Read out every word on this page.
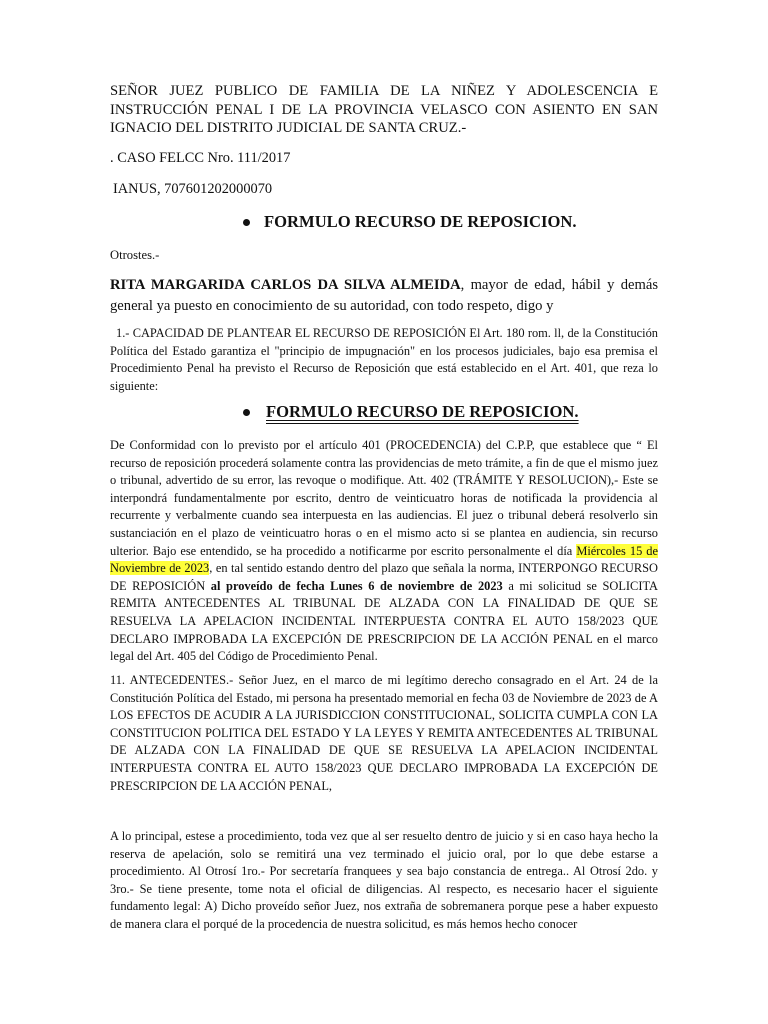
SEÑOR JUEZ PUBLICO DE FAMILIA DE LA NIÑEZ Y ADOLESCENCIA E INSTRUCCIÓN PENAL I DE LA PROVINCIA VELASCO CON ASIENTO EN SAN IGNACIO DEL DISTRITO JUDICIAL DE SANTA CRUZ.-

. CASO FELCC Nro. 111/2017

IANUS, 707601202000070

FORMULO RECURSO DE REPOSICION.

Otrostes.-

RITA MARGARIDA CARLOS DA SILVA ALMEIDA, mayor de edad, hábil y demás general ya puesto en conocimiento de su autoridad, con todo respeto, digo y

1.- CAPACIDAD DE PLANTEAR EL RECURSO DE REPOSICIÓN El Art. 180 rom. ll, de la Constitución Política del Estado garantiza el "principio de impugnación" en los procesos judiciales, bajo esa premisa el Procedimiento Penal ha previsto el Recurso de Reposición que está establecido en el Art. 401, que reza lo siguiente:

FORMULO RECURSO DE REPOSICION.

De Conformidad con lo previsto por el artículo 401 (PROCEDENCIA) del C.P.P, que establece que “ El recurso de reposición procederá solamente contra las providencias de meto trámite, a fin de que el mismo juez o tribunal, advertido de su error, las revoque o modifique. Att. 402 (TRÁMITE Y RESOLUCION),- Este se interpondrá fundamentalmente por escrito, dentro de veinticuatro horas de notificada la providencia al recurrente y verbalmente cuando sea interpuesta en las audiencias. El juez o tribunal deberá resolverlo sin sustanciación en el plazo de veinticuatro horas o en el mismo acto si se plantea en audiencia, sin recurso ulterior. Bajo ese entendido, se ha procedido a notificarme por escrito personalmente el día Miércoles 15 de Noviembre de 2023, en tal sentido estando dentro del plazo que señala la norma, INTERPONGO RECURSO DE REPOSICIÓN al proveído de fecha Lunes 6 de noviembre de 2023 a mi solicitud se SOLICITA REMITA ANTECEDENTES AL TRIBUNAL DE ALZADA CON LA FINALIDAD DE QUE SE RESUELVA LA APELACION INCIDENTAL INTERPUESTA CONTRA EL AUTO 158/2023 QUE DECLARO IMPROBADA LA EXCEPCIÓN DE PRESCRIPCION DE LA ACCIÓN PENAL en el marco legal del Art. 405 del Código de Procedimiento Penal.

11. ANTECEDENTES.- Señor Juez, en el marco de mi legítimo derecho consagrado en el Art. 24 de la Constitución Política del Estado, mi persona ha presentado memorial en fecha 03 de Noviembre de 2023 de A LOS EFECTOS DE ACUDIR A LA JURISDICCION CONSTITUCIONAL, SOLICITA CUMPLA CON LA CONSTITUCION POLITICA DEL ESTADO Y LA LEYES Y REMITA ANTECEDENTES AL TRIBUNAL DE ALZADA CON LA FINALIDAD DE QUE SE RESUELVA LA APELACION INCIDENTAL INTERPUESTA CONTRA EL AUTO 158/2023 QUE DECLARO IMPROBADA LA EXCEPCIÓN DE PRESCRIPCION DE LA ACCIÓN PENAL,

A lo principal, estese a procedimiento, toda vez que al ser resuelto dentro de juicio y si en caso haya hecho la reserva de apelación, solo se remitirá una vez terminado el juicio oral, por lo que debe estarse a procedimiento. Al Otrosí 1ro.- Por secretaría franquees y sea bajo constancia de entrega.. Al Otrosí 2do. y 3ro.- Se tiene presente, tome nota el oficial de diligencias. Al respecto, es necesario hacer el siguiente fundamento legal: A) Dicho proveído señor Juez, nos extraña de sobremanera porque pese a haber expuesto de manera clara el porqué de la procedencia de nuestra solicitud, es más hemos hecho conocer
